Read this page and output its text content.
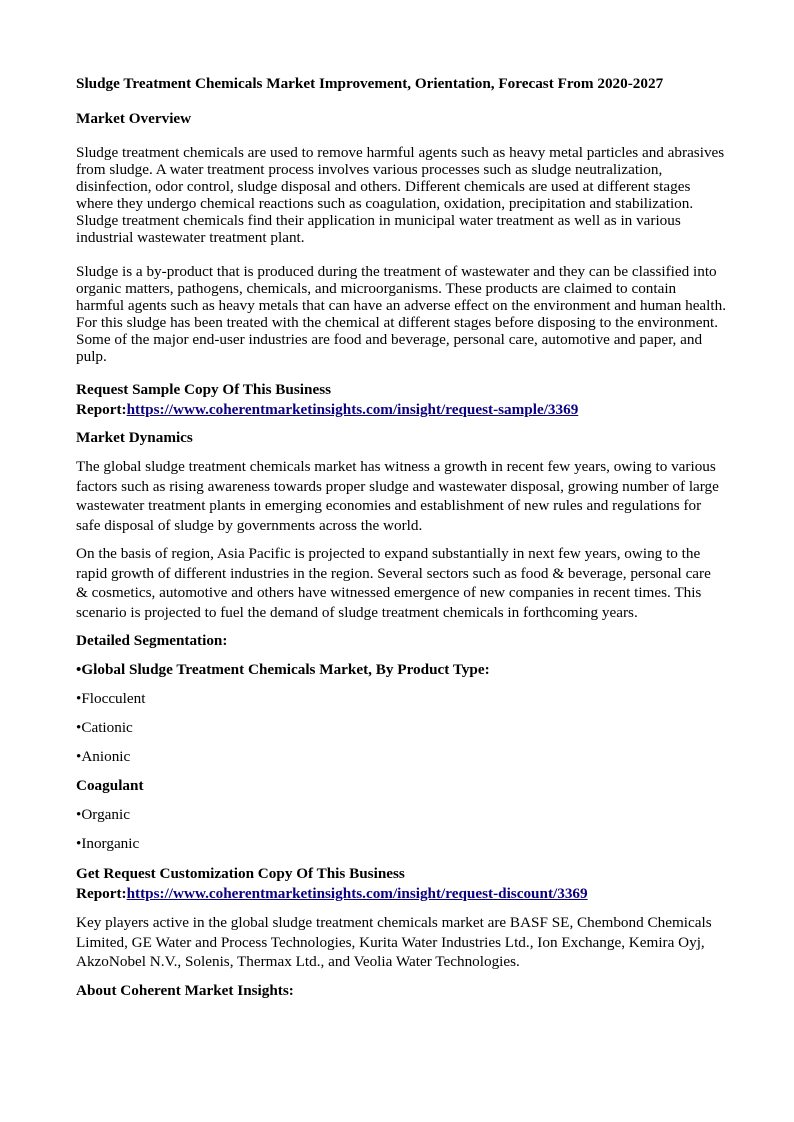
Sludge Treatment Chemicals Market Improvement, Orientation, Forecast From 2020-2027

Market Overview

Sludge treatment chemicals are used to remove harmful agents such as heavy metal particles and abrasives from sludge. A water treatment process involves various processes such as sludge neutralization, disinfection, odor control, sludge disposal and others. Different chemicals are used at different stages where they undergo chemical reactions such as coagulation, oxidation, precipitation and stabilization. Sludge treatment chemicals find their application in municipal water treatment as well as in various industrial wastewater treatment plant.

Sludge is a by-product that is produced during the treatment of wastewater and they can be classified into organic matters, pathogens, chemicals, and microorganisms. These products are claimed to contain harmful agents such as heavy metals that can have an adverse effect on the environment and human health. For this sludge has been treated with the chemical at different stages before disposing to the environment. Some of the major end-user industries are food and beverage, personal care, automotive and paper, and pulp.

Request Sample Copy Of This Business Report:https://www.coherentmarketinsights.com/insight/request-sample/3369

Market Dynamics

The global sludge treatment chemicals market has witness a growth in recent few years, owing to various factors such as rising awareness towards proper sludge and wastewater disposal, growing number of large wastewater treatment plants in emerging economies and establishment of new rules and regulations for safe disposal of sludge by governments across the world.

On the basis of region, Asia Pacific is projected to expand substantially in next few years, owing to the rapid growth of different industries in the region. Several sectors such as food & beverage, personal care & cosmetics, automotive and others have witnessed emergence of new companies in recent times. This scenario is projected to fuel the demand of sludge treatment chemicals in forthcoming years.

Detailed Segmentation:

•Global Sludge Treatment Chemicals Market, By Product Type:

•Flocculent

•Cationic

•Anionic

Coagulant

•Organic

•Inorganic

Get Request Customization Copy Of This Business Report:https://www.coherentmarketinsights.com/insight/request-discount/3369

Key players active in the global sludge treatment chemicals market are BASF SE, Chembond Chemicals Limited, GE Water and Process Technologies, Kurita Water Industries Ltd., Ion Exchange, Kemira Oyj, AkzoNobel N.V., Solenis, Thermax Ltd., and Veolia Water Technologies.

About Coherent Market Insights:
